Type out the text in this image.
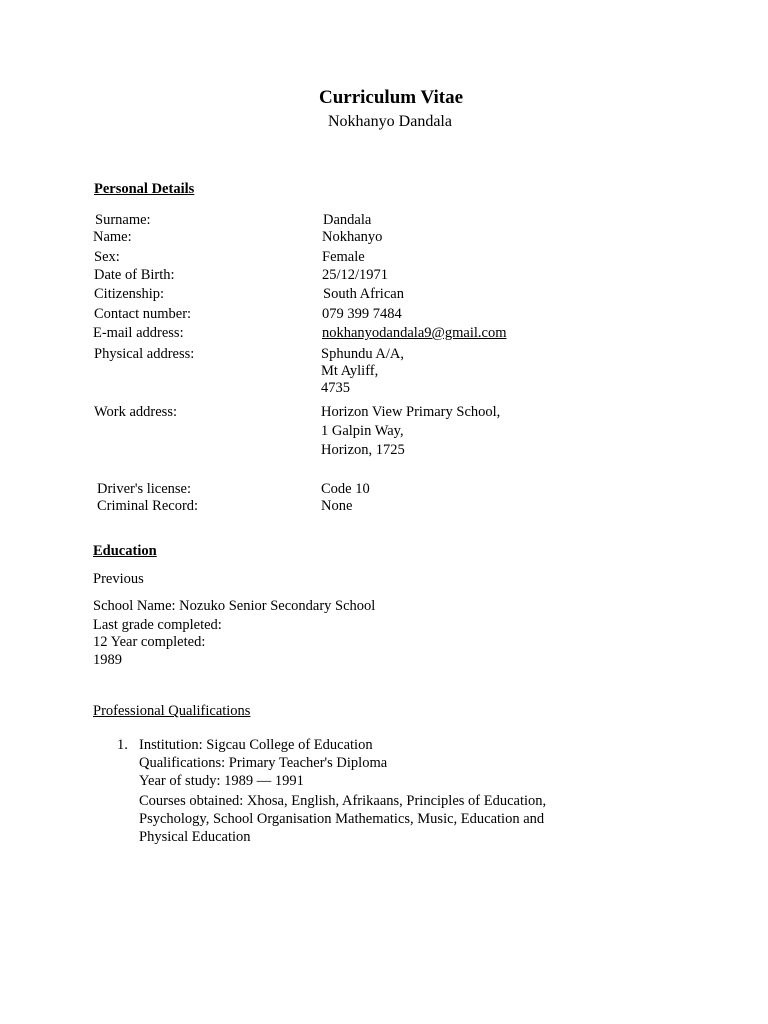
Curriculum Vitae
Nokhanyo Dandala
Personal Details
Surname:	Dandala
Name:	Nokhanyo
Sex:	Female
Date of Birth:	25/12/1971
Citizenship:	South African
Contact number:	079 399 7484
E-mail address:	nokhanyodandala9@gmail.com
Physical address:	Sphundu A/A,
Mt Ayliff,
4735
Work address:	Horizon View Primary School,
1 Galpin Way,
Horizon, 1725
Driver's license:	Code 10
Criminal Record:	None
Education
Previous
School Name: Nozuko Senior Secondary School
Last grade completed:
12 Year completed:
1989
Professional Qualifications
1. Institution: Sigcau College of Education
Qualifications: Primary Teacher's Diploma
Year of study: 1989 — 1991
Courses obtained: Xhosa, English, Afrikaans, Principles of Education,
Psychology, School Organisation Mathematics, Music, Education and
Physical Education
